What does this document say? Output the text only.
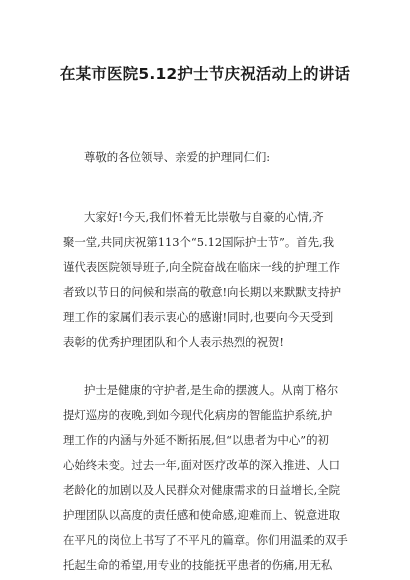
在某市医院5.12护士节庆祝活动上的讲话
尊敬的各位领导、亲爱的护理同仁们:
大家好!今天,我们怀着无比崇敬与自豪的心情,齐
聚一堂,共同庆祝第113个“5.12国际护士节”。首先,我
谨代表医院领导班子,向全院奋战在临床一线的护理工作
者致以节日的问候和崇高的敬意!向长期以来默默支持护
理工作的家属们表示衷心的感谢!同时,也要向今天受到
表彰的优秀护理团队和个人表示热烈的祝贺!
护士是健康的守护者,是生命的摆渡人。从南丁格尔
提灯巡房的夜晚,到如今现代化病房的智能监护系统,护
理工作的内涵与外延不断拓展,但“以患者为中心”的初
心始终未变。过去一年,面对医疗改革的深入推进、人口
老龄化的加剧以及人民群众对健康需求的日益增长,全院
护理团队以高度的责任感和使命感,迎难而上、锐意进取
在平凡的岗位上书写了不平凡的篇章。你们用温柔的双手
托起生命的希望,用专业的技能抚平患者的伤痛,用无私
